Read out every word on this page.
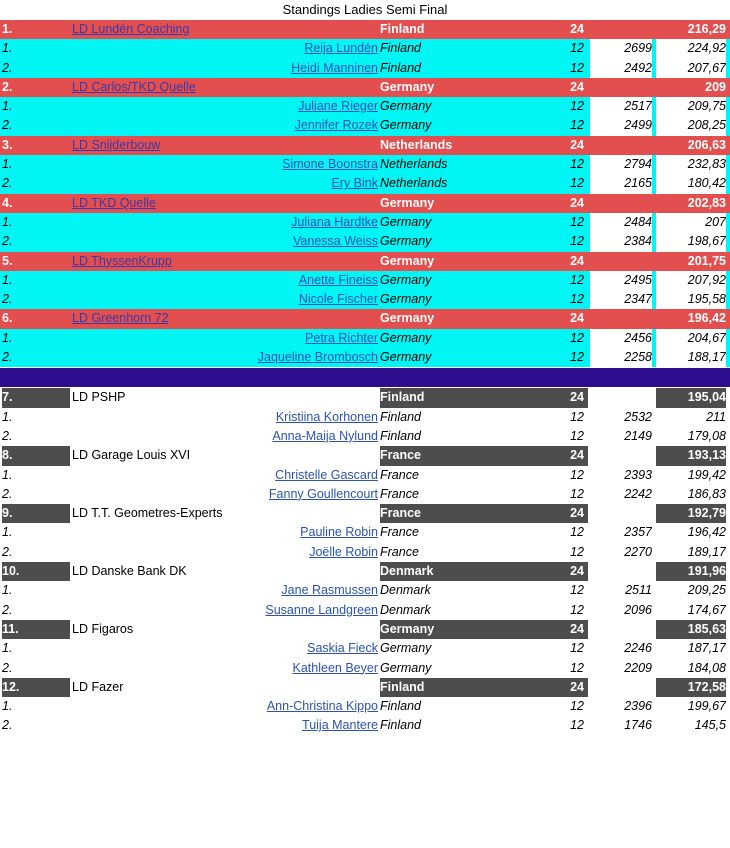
Standings Ladies Semi Final
1.	LD Lundén Coaching	Finland	24	216,29
1.	Reija Lundén Finland	12	2699	224,92
2.	Heidi Manninen Finland	12	2492	207,67
2.	LD Carlos/TKD Quelle	Germany	24	209
1.	Juliane Rieger Germany	12	2517	209,75
2.	Jennifer Rozek Germany	12	2499	208,25
3.	LD Snijderbouw	Netherlands	24	206,63
1.	Simone Boonstra Netherlands	12	2794	232,83
2.	Ery Bink Netherlands	12	2165	180,42
4.	LD TKD Quelle	Germany	24	202,83
1.	Juliana Hardtke Germany	12	2484	207
2.	Vanessa Weiss Germany	12	2384	198,67
5.	LD ThyssenKrupp	Germany	24	201,75
1.	Anette Fineiss Germany	12	2495	207,92
2.	Nicole Fischer Germany	12	2347	195,58
6.	LD Greenhorn 72	Germany	24	196,42
1.	Petra Richter Germany	12	2456	204,67
2.	Jaqueline Brombosch Germany	12	2258	188,17
7.	LD PSHP	Finland	24	195,04
1.	Kristiina Korhonen Finland	12	2532	211
2.	Anna-Maija Nylund Finland	12	2149	179,08
8.	LD Garage Louis XVI	France	24	193,13
1.	Christelle Gascard France	12	2393	199,42
2.	Fanny Goullencourt France	12	2242	186,83
9.	LD T.T. Geometres-Experts	France	24	192,79
1.	Pauline Robin France	12	2357	196,42
2.	Joëlle Robin France	12	2270	189,17
10.	LD Danske Bank DK	Denmark	24	191,96
1.	Jane Rasmussen Denmark	12	2511	209,25
2.	Susanne Landgreen Denmark	12	2096	174,67
11.	LD Figaros	Germany	24	185,63
1.	Saskia Fieck Germany	12	2246	187,17
2.	Kathleen Beyer Germany	12	2209	184,08
12.	LD Fazer	Finland	24	172,58
1.	Ann-Christina Kippo Finland	12	2396	199,67
2.	Tuija Mantere Finland	12	1746	145,5
